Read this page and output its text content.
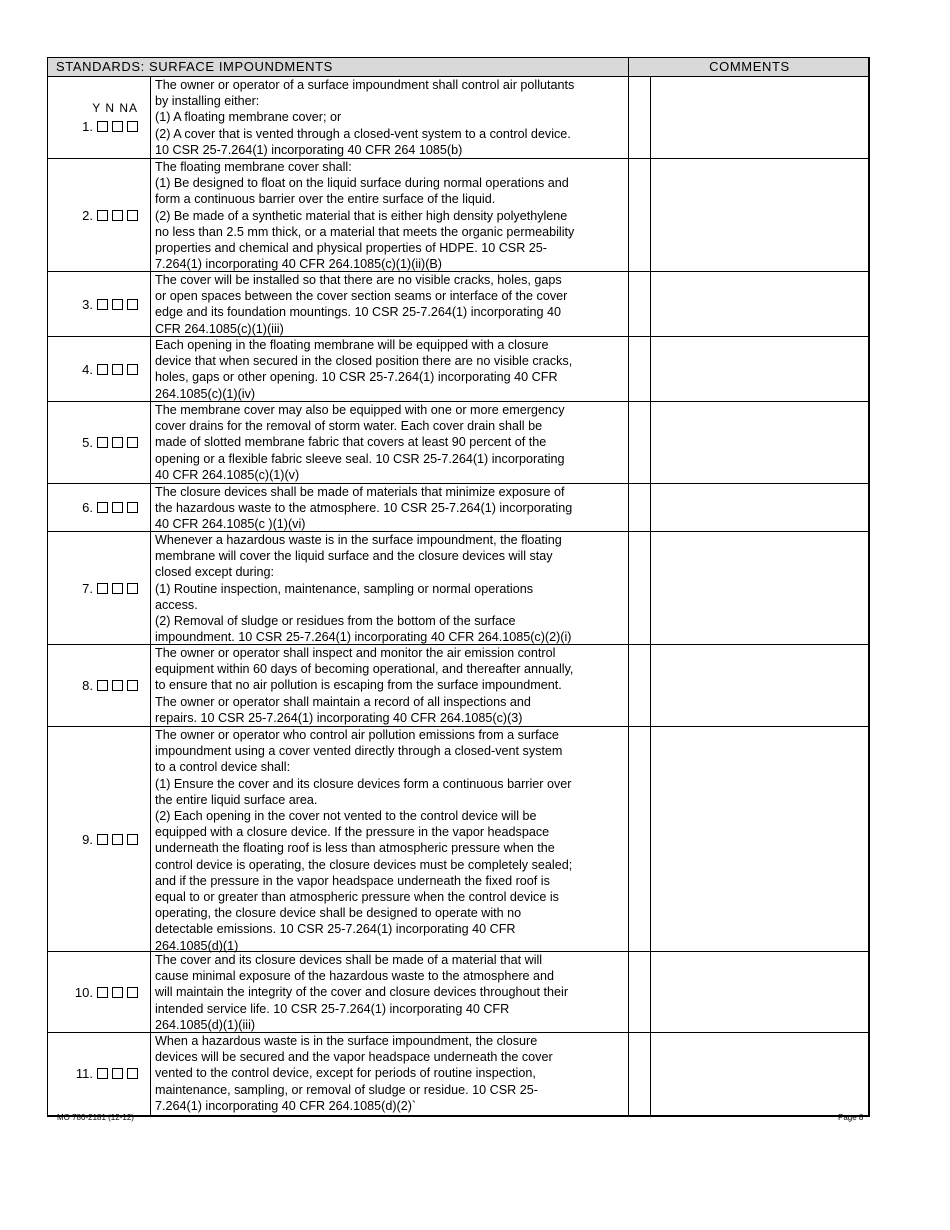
STANDARDS: SURFACE IMPOUNDMENTS	COMMENTS
Y N NA
1.
The owner or operator of a surface impoundment shall control air pollutants
by installing either:
(1) A floating membrane cover; or
(2) A cover that is vented through a closed-vent system to a control device.
10 CSR 25-7.264(1) incorporating 40 CFR 264 1085(b)
2.
The floating membrane cover shall:
(1) Be designed to float on the liquid surface during normal operations and
form a continuous barrier over the entire surface of the liquid.
(2) Be made of a synthetic material that is either high density polyethylene
no less than 2.5 mm thick, or a material that meets the organic permeability
properties and chemical and physical properties of HDPE. 10 CSR 25-
7.264(1) incorporating 40 CFR 264.1085(c)(1)(ii)(B)
3.
The cover will be installed so that there are no visible cracks, holes, gaps
or open spaces between the cover section seams or interface of the cover
edge and its foundation mountings. 10 CSR 25-7.264(1) incorporating 40
CFR 264.1085(c)(1)(iii)
4.
Each opening in the floating membrane will be equipped with a closure
device that when secured in the closed position there are no visible cracks,
holes, gaps or other opening. 10 CSR 25-7.264(1) incorporating 40 CFR
264.1085(c)(1)(iv)
5.
The membrane cover may also be equipped with one or more emergency
cover drains for the removal of storm water. Each cover drain shall be
made of slotted membrane fabric that covers at least 90 percent of the
opening or a flexible fabric sleeve seal. 10 CSR 25-7.264(1) incorporating
40 CFR 264.1085(c)(1)(v)
6.
The closure devices shall be made of materials that minimize exposure of
the hazardous waste to the atmosphere. 10 CSR 25-7.264(1) incorporating
40 CFR 264.1085(c )(1)(vi)
7.
Whenever a hazardous waste is in the surface impoundment, the floating
membrane will cover the liquid surface and the closure devices will stay
closed except during:
(1) Routine inspection, maintenance, sampling or normal operations
access.
(2) Removal of sludge or residues from the bottom of the surface
impoundment. 10 CSR 25-7.264(1) incorporating 40 CFR 264.1085(c)(2)(i)
8.
The owner or operator shall inspect and monitor the air emission control
equipment within 60 days of becoming operational, and thereafter annually,
to ensure that no air pollution is escaping from the surface impoundment.
The owner or operator shall maintain a record of all inspections and
repairs. 10 CSR 25-7.264(1) incorporating 40 CFR 264.1085(c)(3)
9.
The owner or operator who control air pollution emissions from a surface
impoundment using a cover vented directly through a closed-vent system
to a control device shall:
(1) Ensure the cover and its closure devices form a continuous barrier over
the entire liquid surface area.
(2) Each opening in the cover not vented to the control device will be
equipped with a closure device. If the pressure in the vapor headspace
underneath the floating roof is less than atmospheric pressure when the
control device is operating, the closure devices must be completely sealed;
and if the pressure in the vapor headspace underneath the fixed roof is
equal to or greater than atmospheric pressure when the control device is
operating, the closure device shall be designed to operate with no
detectable emissions. 10 CSR 25-7.264(1) incorporating 40 CFR
264.1085(d)(1)
10.
The cover and its closure devices shall be made of a material that will
cause minimal exposure of the hazardous waste to the atmosphere and
will maintain the integrity of the cover and closure devices throughout their
intended service life. 10 CSR 25-7.264(1) incorporating 40 CFR
264.1085(d)(1)(iii)
11.
When a hazardous waste is in the surface impoundment, the closure
devices will be secured and the vapor headspace underneath the cover
vented to the control device, except for periods of routine inspection,
maintenance, sampling, or removal of sludge or residue. 10 CSR 25-
7.264(1) incorporating 40 CFR 264.1085(d)(2)`
MO 780-2181 (12-12)	Page 8
